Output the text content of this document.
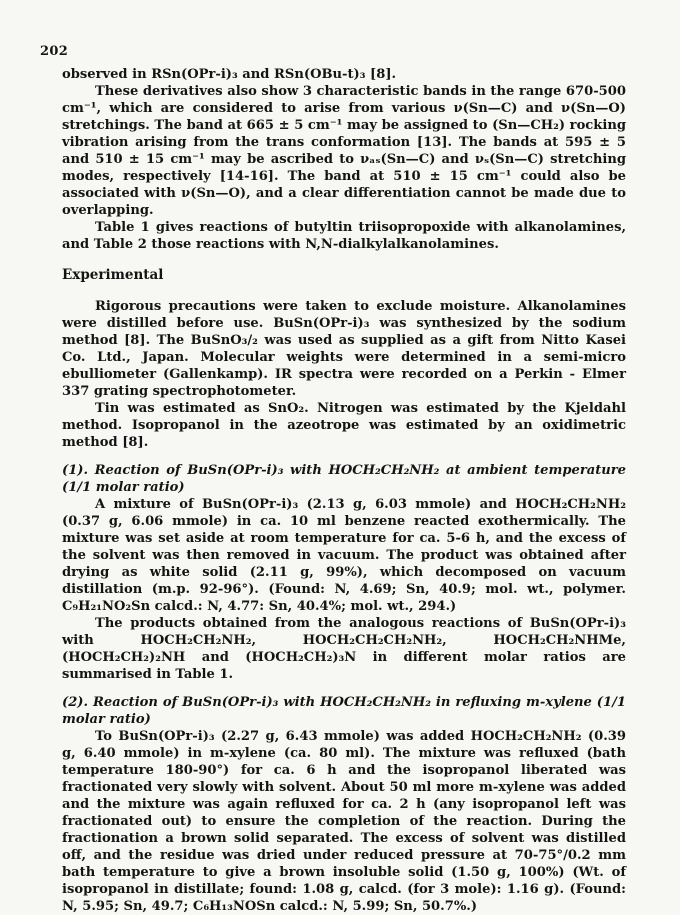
202

observed in RSn(OPr-i)₃ and RSn(OBu-t)₃ [8].

These derivatives also show 3 characteristic bands in the range 670-500 cm⁻¹, which are considered to arise from various ν(Sn—C) and ν(Sn—O) stretchings. The band at 665 ± 5 cm⁻¹ may be assigned to (Sn—CH₂) rocking vibration arising from the trans conformation [13]. The bands at 595 ± 5 and 510 ± 15 cm⁻¹ may be ascribed to νₐₛ(Sn—C) and νₛ(Sn—C) stretching modes, respectively [14-16]. The band at 510 ± 15 cm⁻¹ could also be associated with ν(Sn—O), and a clear differentiation cannot be made due to overlapping.

Table 1 gives reactions of butyltin triisopropoxide with alkanolamines, and Table 2 those reactions with N,N-dialkylalkanolamines.

Experimental

Rigorous precautions were taken to exclude moisture. Alkanolamines were distilled before use. BuSn(OPr-i)₃ was synthesized by the sodium method [8]. The BuSnO₃/₂ was used as supplied as a gift from Nitto Kasei Co. Ltd., Japan. Molecular weights were determined in a semi-micro ebulliometer (Gallenkamp). IR spectra were recorded on a Perkin - Elmer 337 grating spectrophotometer.

Tin was estimated as SnO₂. Nitrogen was estimated by the Kjeldahl method. Isopropanol in the azeotrope was estimated by an oxidimetric method [8].

(1). Reaction of BuSn(OPr-i)₃ with HOCH₂CH₂NH₂ at ambient temperature (1/1 molar ratio)

A mixture of BuSn(OPr-i)₃ (2.13 g, 6.03 mmole) and HOCH₂CH₂NH₂ (0.37 g, 6.06 mmole) in ca. 10 ml benzene reacted exothermically. The mixture was set aside at room temperature for ca. 5-6 h, and the excess of the solvent was then removed in vacuum. The product was obtained after drying as white solid (2.11 g, 99%), which decomposed on vacuum distillation (m.p. 92-96°). (Found: N, 4.69; Sn, 40.9; mol. wt., polymer. C₉H₂₁NO₂Sn calcd.: N, 4.77: Sn, 40.4%; mol. wt., 294.)

The products obtained from the analogous reactions of BuSn(OPr-i)₃ with HOCH₂CH₂NH₂, HOCH₂CH₂CH₂NH₂, HOCH₂CH₂NHMe, (HOCH₂CH₂)₂NH and (HOCH₂CH₂)₃N in different molar ratios are summarised in Table 1.

(2). Reaction of BuSn(OPr-i)₃ with HOCH₂CH₂NH₂ in refluxing m-xylene (1/1 molar ratio)

To BuSn(OPr-i)₃ (2.27 g, 6.43 mmole) was added HOCH₂CH₂NH₂ (0.39 g, 6.40 mmole) in m-xylene (ca. 80 ml). The mixture was refluxed (bath temperature 180-90°) for ca. 6 h and the isopropanol liberated was fractionated very slowly with solvent. About 50 ml more m-xylene was added and the mixture was again refluxed for ca. 2 h (any isopropanol left was fractionated out) to ensure the completion of the reaction. During the fractionation a brown solid separated. The excess of solvent was distilled off, and the residue was dried under reduced pressure at 70-75°/0.2 mm bath temperature to give a brown insoluble solid (1.50 g, 100%) (Wt. of isopropanol in distillate; found: 1.08 g, calcd. (for 3 mole): 1.16 g). (Found: N, 5.95; Sn, 49.7; C₆H₁₃NOSn calcd.: N, 5.99; Sn, 50.7%.)
